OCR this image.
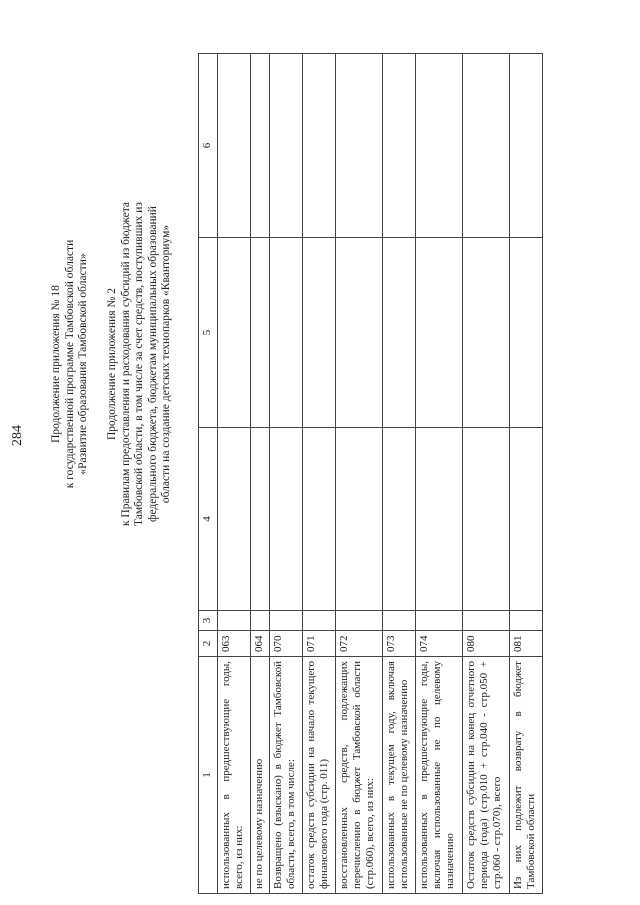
284 Продолжение приложения № 18 к государственной программе Тамбовской области «Развитие образования Тамбовской области» Продолжение приложения № 2 к Правилам предоставления и расходования субсидий из бюджета Тамбовской области, в том числе за счет средств, поступивших из федерального бюджета, бюджетам муниципальных образований области на создание детских технопарков «Кванториум»
1	2	3	4	5	6
использованных в предшествующие годы, всего, из них:	063				
не по целевому назначению	064				
Возвращено (взыскано) в бюджет Тамбовской области, всего, в том числе:	070				
остаток средств субсидии на начало текущего финансового года (стр. 011)	071				
восстановленных средств, подлежащих перечислению в бюджет Тамбовской области (стр.060), всего, из них:	072				
использованных в текущем году, включая использованные не по целевому назначению	073				
использованных в предшествующие годы, включая использованные не по целевому назначению	074				
Остаток средств субсидии на конец отчетного периода (года) (стр.010 + стр.040 - стр.050 + стр.060 - стр.070), всего	080				
Из них подлежит возврату в бюджет Тамбовской области	081				
